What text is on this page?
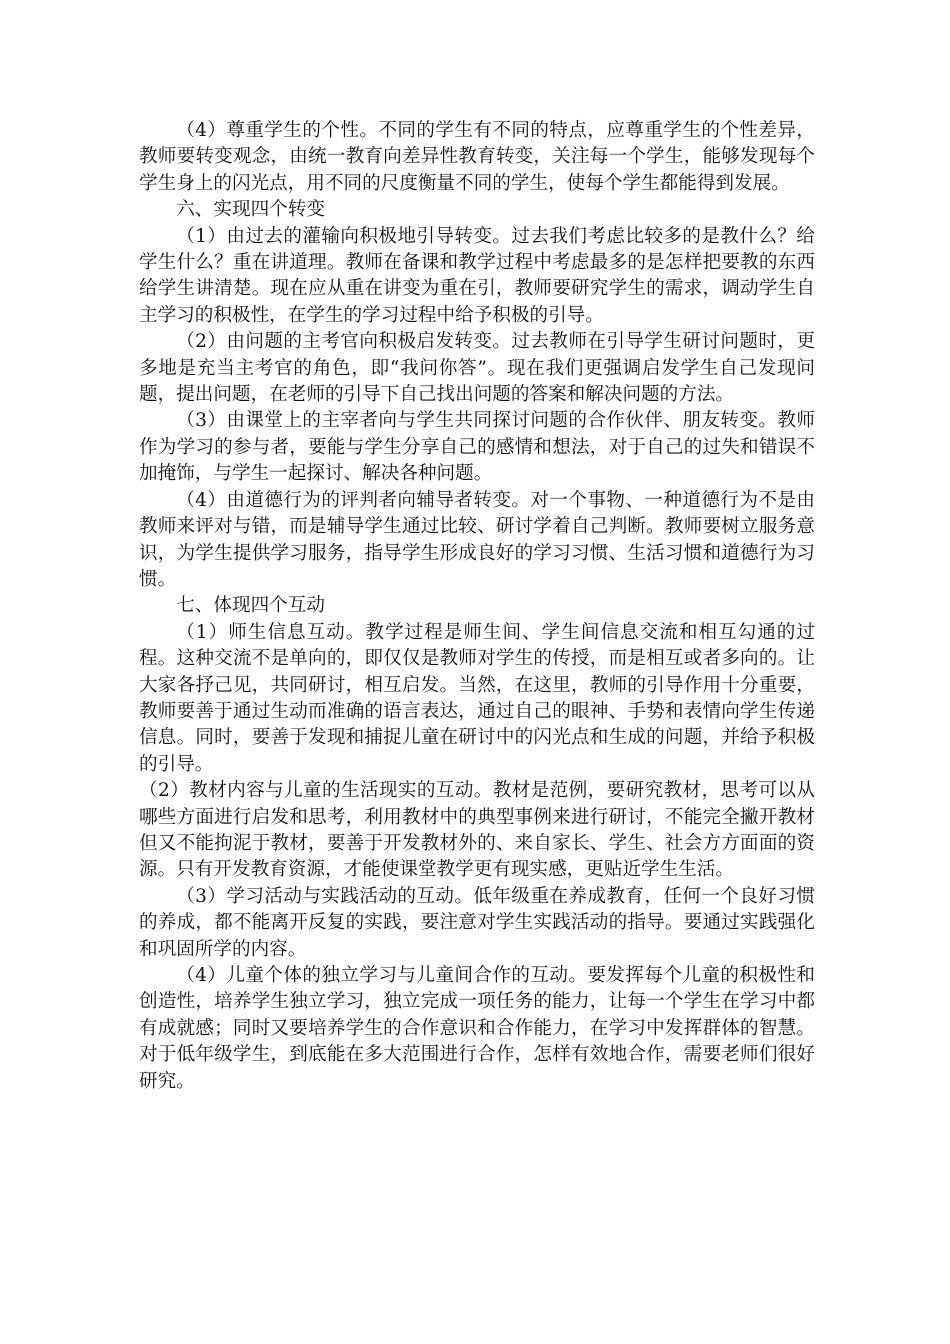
（4）尊重学生的个性。不同的学生有不同的特点，应尊重学生的个性差异，教师要转变观念，由统一教育向差异性教育转变，关注每一个学生，能够发现每个学生身上的闪光点，用不同的尺度衡量不同的学生，使每个学生都能得到发展。

六、实现四个转变

（1）由过去的灌输向积极地引导转变。过去我们考虑比较多的是教什么？给学生什么？重在讲道理。教师在备课和教学过程中考虑最多的是怎样把要教的东西给学生讲清楚。现在应从重在讲变为重在引，教师要研究学生的需求，调动学生自主学习的积极性，在学生的学习过程中给予积极的引导。

（2）由问题的主考官向积极启发转变。过去教师在引导学生研讨问题时，更多地是充当主考官的角色，即“我问你答”。现在我们更强调启发学生自己发现问题，提出问题，在老师的引导下自己找出问题的答案和解决问题的方法。

（3）由课堂上的主宰者向与学生共同探讨问题的合作伙伴、朋友转变。教师作为学习的参与者，要能与学生分享自己的感情和想法，对于自己的过失和错误不加掩饰，与学生一起探讨、解决各种问题。

（4）由道德行为的评判者向辅导者转变。对一个事物、一种道德行为不是由教师来评对与错，而是辅导学生通过比较、研讨学着自己判断。教师要树立服务意识，为学生提供学习服务，指导学生形成良好的学习习惯、生活习惯和道德行为习惯。

七、体现四个互动

（1）师生信息互动。教学过程是师生间、学生间信息交流和相互勾通的过程。这种交流不是单向的，即仅仅是教师对学生的传授，而是相互或者多向的。让大家各抒己见，共同研讨，相互启发。当然，在这里，教师的引导作用十分重要，教师要善于通过生动而准确的语言表达，通过自己的眼神、手势和表情向学生传递信息。同时，要善于发现和捕捉儿童在研讨中的闪光点和生成的问题，并给予积极的引导。

（2）教材内容与儿童的生活现实的互动。教材是范例，要研究教材，思考可以从哪些方面进行启发和思考，利用教材中的典型事例来进行研讨，不能完全撇开教材但又不能拘泥于教材，要善于开发教材外的、来自家长、学生、社会方方面面的资源。只有开发教育资源，才能使课堂教学更有现实感，更贴近学生生活。

（3）学习活动与实践活动的互动。低年级重在养成教育，任何一个良好习惯的养成，都不能离开反复的实践，要注意对学生实践活动的指导。要通过实践强化和巩固所学的内容。

（4）儿童个体的独立学习与儿童间合作的互动。要发挥每个儿童的积极性和创造性，培养学生独立学习，独立完成一项任务的能力，让每一个学生在学习中都有成就感；同时又要培养学生的合作意识和合作能力，在学习中发挥群体的智慧。对于低年级学生，到底能在多大范围进行合作，怎样有效地合作，需要老师们很好研究。
